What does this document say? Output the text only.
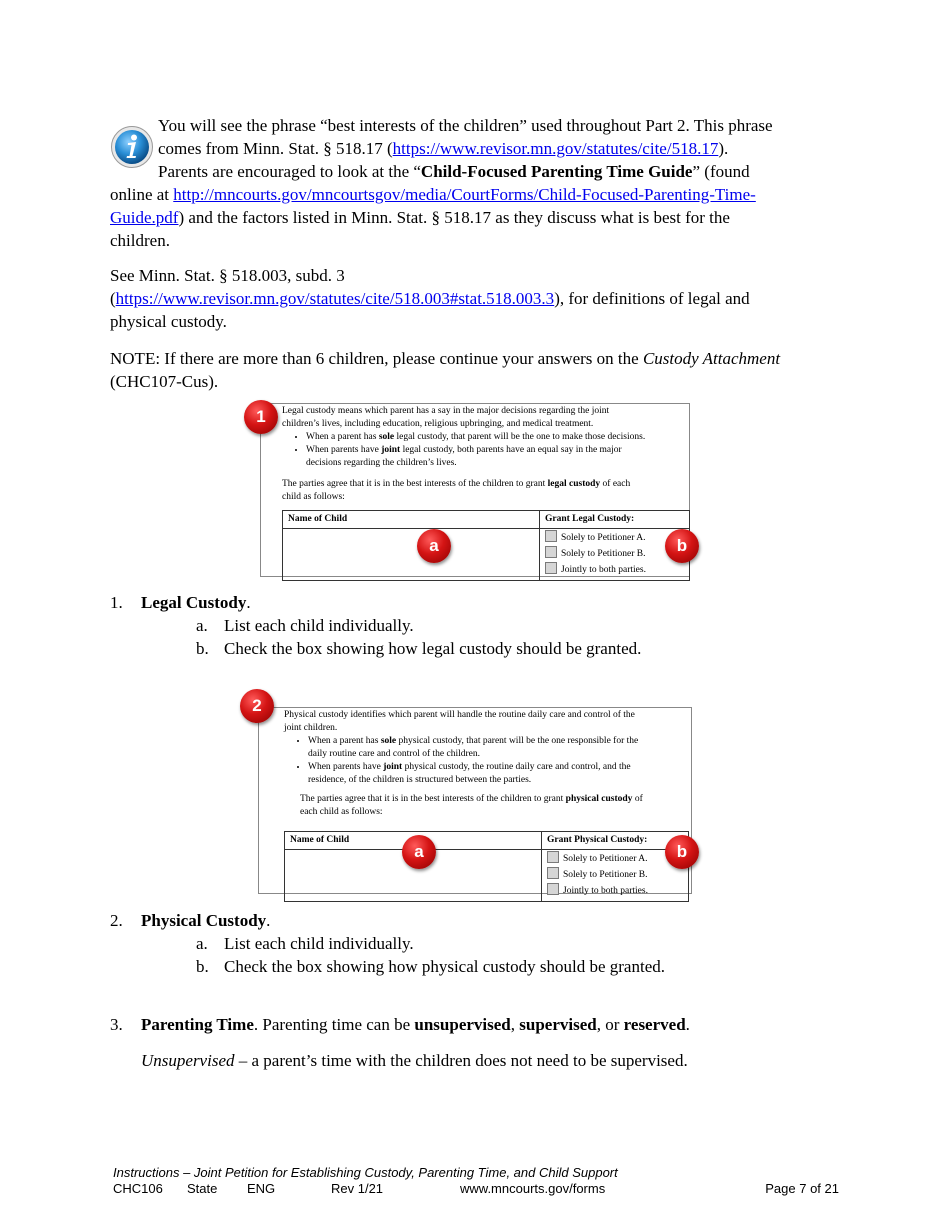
You will see the phrase “best interests of the children” used throughout Part 2. This phrase
comes from Minn. Stat. § 518.17 (https://www.revisor.mn.gov/statutes/cite/518.17).
Parents are encouraged to look at the “Child-Focused Parenting Time Guide” (found
online at http://mncourts.gov/mncourtsgov/media/CourtForms/Child-Focused-Parenting-Time-
Guide.pdf) and the factors listed in Minn. Stat. § 518.17 as they discuss what is best for the
children.
See Minn. Stat. § 518.003, subd. 3
(https://www.revisor.mn.gov/statutes/cite/518.003#stat.518.003.3), for definitions of legal and
physical custody.
NOTE: If there are more than 6 children, please continue your answers on the Custody Attachment
(CHC107-Cus).
Legal custody means which parent has a say in the major decisions regarding the joint
children’s lives, including education, religious upbringing, and medical treatment.
• When a parent has sole legal custody, that parent will be the one to make those decisions.
• When parents have joint legal custody, both parents have an equal say in the major
decisions regarding the children’s lives.
The parties agree that it is in the best interests of the children to grant legal custody of each
child as follows:
Name of Child	Grant Legal Custody:

	Solely to Petitioner A.
Solely to Petitioner B.
Jointly to both parties.
1
a	b
1. Legal Custody.
a. List each child individually.
b. Check the box showing how legal custody should be granted.
Physical custody identifies which parent will handle the routine daily care and control of the
joint children.
• When a parent has sole physical custody, that parent will be the one responsible for the
daily routine care and control of the children.
• When parents have joint physical custody, the routine daily care and control, and the
residence, of the children is structured between the parties.
The parties agree that it is in the best interests of the children to grant physical custody of
each child as follows:
Name of Child	Grant Physical Custody:

	Solely to Petitioner A.
Solely to Petitioner B.
Jointly to both parties.
2
a	b
2. Physical Custody.
a. List each child individually.
b. Check the box showing how physical custody should be granted.
3. Parenting Time. Parenting time can be unsupervised, supervised, or reserved.
Unsupervised – a parent’s time with the children does not need to be supervised.
Instructions – Joint Petition for Establishing Custody, Parenting Time, and Child Support
CHC106 State ENG	Rev 1/21	www.mncourts.gov/forms	Page 7 of 21
